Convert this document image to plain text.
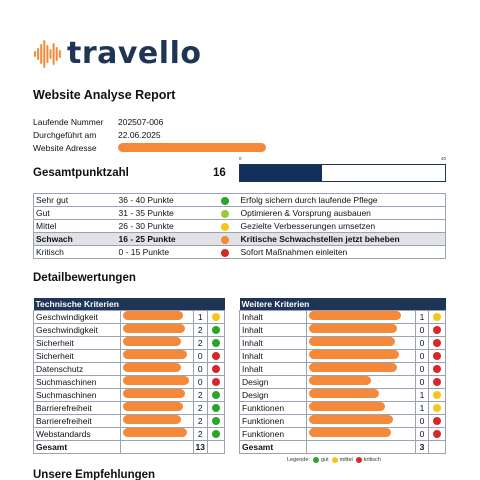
travello
Website Analyse Report
Laufende Nummer	202507-006
Durchgeführt am	22.06.2025
Website Adresse
Gesamtpunktzahl	16
0	40
Sehr gut	36 - 40 Punkte		Erfolg sichern durch laufende Pflege
Gut	31 - 35 Punkte		Optimieren & Vorsprung ausbauen
Mittel	26 - 30 Punkte		Gezielte Verbesserungen umsetzen
Schwach	16 - 25 Punkte		Kritische Schwachstellen jetzt beheben
Kritisch	0 - 15 Punkte		Sofort Maßnahmen einleiten
Detailbewertungen
Technische Kriterien			
Geschwindigkeit		1	
Geschwindigkeit		2	
Sicherheit		2	
Sicherheit		0	
Datenschutz		0	
Suchmaschinen		0	
Suchmaschinen		2	
Barrierefreiheit		2	
Barrierefreiheit		2	
Webstandards		2	
Gesamt		13	
Weitere Kriterien			
Inhalt		1	
Inhalt		0	
Inhalt		0	
Inhalt		0	
Inhalt		0	
Design		0	
Design		1	
Funktionen		1	
Funktionen		0	
Funktionen		0	
Gesamt		3	
Legende: gut mittel kritisch
Unsere Empfehlungen
